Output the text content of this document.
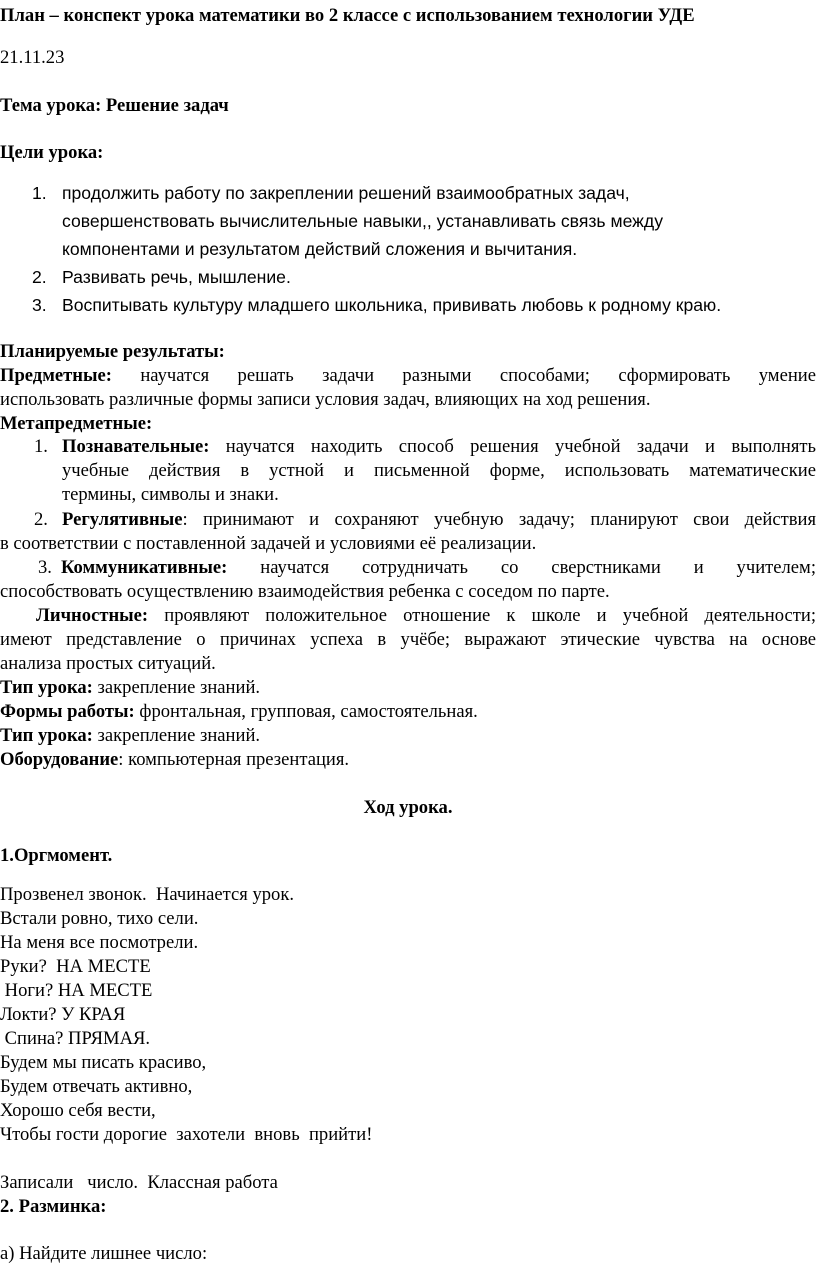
План – конспект урока математики во 2 классе с использованием технологии УДЕ
21.11.23
Тема урока: Решение задач
Цели урока:
1. продолжить работу по закреплении решений взаимообратных задач,
совершенствовать вычислительные навыки,, устанавливать связь между
компонентами и результатом действий сложения и вычитания.
2. Развивать речь, мышление.
3. Воспитывать культуру младшего школьника, прививать любовь к родному краю.
Планируемые результаты:
Предметные: научатся решать задачи разными способами; сформировать умение
использовать различные формы записи условия задач, влияющих на ход решения.
Метапредметные:
1. Познавательные: научатся находить способ решения учебной задачи и выполнять
учебные действия в устной и письменной форме, использовать математические
термины, символы и знаки.
2. Регулятивные: принимают и сохраняют учебную задачу; планируют свои действия
в соответствии с поставленной задачей и условиями её реализации.
3. Коммуникативные: научатся сотрудничать со сверстниками и учителем;
способствовать осуществлению взаимодействия ребенка с соседом по парте.
Личностные: проявляют положительное отношение к школе и учебной деятельности;
имеют представление о причинах успеха в учёбе; выражают этические чувства на основе
анализа простых ситуаций.
Тип урока: закрепление знаний.
Формы работы: фронтальная, групповая, самостоятельная.
Тип урока: закрепление знаний.
Оборудование: компьютерная презентация.
Ход урока.
1.Оргмомент.
Прозвенел звонок.  Начинается урок.
Встали ровно, тихо сели.
На меня все посмотрели.
Руки?  НА МЕСТЕ
Ноги? НА МЕСТЕ
Локти? У КРАЯ
Спина? ПРЯМАЯ.
Будем мы писать красиво,
Будем отвечать активно,
Хорошо себя вести,
Чтобы гости дорогие  захотели  вновь  прийти!
Записали   число.  Классная работа
2. Разминка:
а) Найдите лишнее число:
